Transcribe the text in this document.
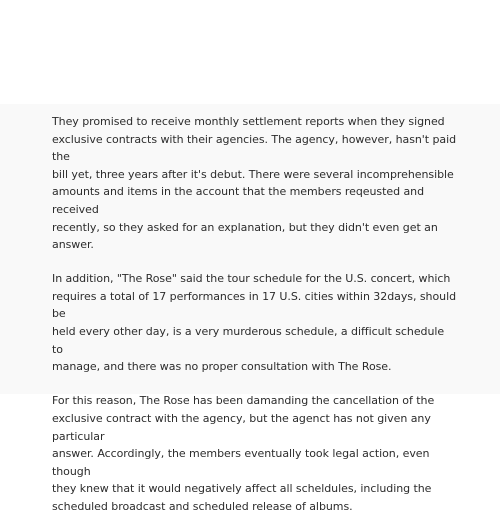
They promised to receive monthly settlement reports when they signed
exclusive contracts with their agencies. The agency, however, hasn't paid the
bill yet, three years after it's debut. There were several incomprehensible
amounts and items in the account that the members reqeusted and received
recently, so they asked for an explanation, but they didn't even get an answer.

In addition, "The Rose" said the tour schedule for the U.S. concert, which
requires a total of 17 performances in 17 U.S. cities within 32days, should be
held every other day, is a very murderous schedule, a difficult schedule to
manage, and there was no proper consultation with The Rose.

For this reason, The Rose has been damanding the cancellation of the
exclusive contract with the agency, but the agenct has not given any particular
answer. Accordingly, the members eventually took legal action, even though
they knew that it would negatively affect all scheldules, including the
scheduled broadcast and scheduled release of albums.
